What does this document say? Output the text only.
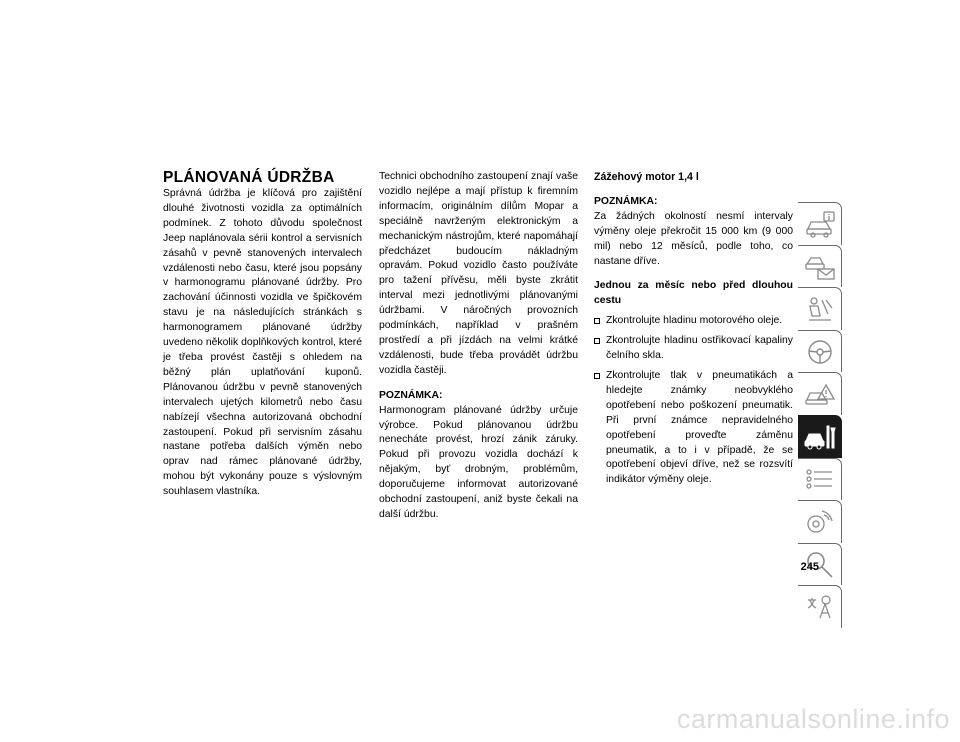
PLÁNOVANÁ ÚDRŽBA

Správná údržba je klíčová pro zajištění dlouhé životnosti vozidla za optimálních podmínek. Z tohoto důvodu společnost Jeep naplánovala sérii kontrol a servisních zásahů v pevně stanovených intervalech vzdálenosti nebo času, které jsou popsány v harmonogramu plánované údržby. Pro zachování účinnosti vozidla ve špičkovém stavu je na následujících stránkách s harmonogramem plánované údržby uvedeno několik doplňkových kontrol, které je třeba provést častěji s ohledem na běžný plán uplatňování kuponů. Plánovanou údržbu v pevně stanovených intervalech ujetých kilometrů nebo času nabízejí všechna autorizovaná obchodní zastoupení. Pokud při servisním zásahu nastane potřeba dalších výměn nebo oprav nad rámec plánované údržby, mohou být vykonány pouze s výslovným souhlasem vlastníka.

Technici obchodního zastoupení znají vaše vozidlo nejlépe a mají přístup k firemním informacím, originálním dílům Mopar a speciálně navrženým elektronickým a mechanickým nástrojům, které napomáhají předcházet budoucím nákladným opravám. Pokud vozidlo často používáte pro tažení přívěsu, měli byste zkrátit interval mezi jednotlivými plánovanými údržbami. V náročných provozních podmínkách, například v prašném prostředí a při jízdách na velmi krátké vzdálenosti, bude třeba provádět údržbu vozidla častěji.

POZNÁMKA:

Harmonogram plánované údržby určuje výrobce. Pokud plánovanou údržbu nenecháte provést, hrozí zánik záruky. Pokud při provozu vozidla dochází k nějakým, byť drobným, problémům, doporučujeme informovat autorizované obchodní zastoupení, aniž byste čekali na další údržbu.

Zážehový motor 1,4 l

POZNÁMKA:

Za žádných okolností nesmí intervaly výměny oleje překročit 15 000 km (9 000 mil) nebo 12 měsíců, podle toho, co nastane dříve.

Jednou za měsíc nebo před dlouhou cestu

Zkontrolujte hladinu motorového oleje.

Zkontrolujte hladinu ostřikovací kapaliny čelního skla.

Zkontrolujte tlak v pneumatikách a hledejte známky neobvyklého opotřebení nebo poškození pneumatik. Při první známce nepravidelného opotřebení proveďte záměnu pneumatik, a to i v případě, že se opotřebení objeví dříve, než se rozsvítí indikátor výměny oleje.

245
carmanualsonline.info
